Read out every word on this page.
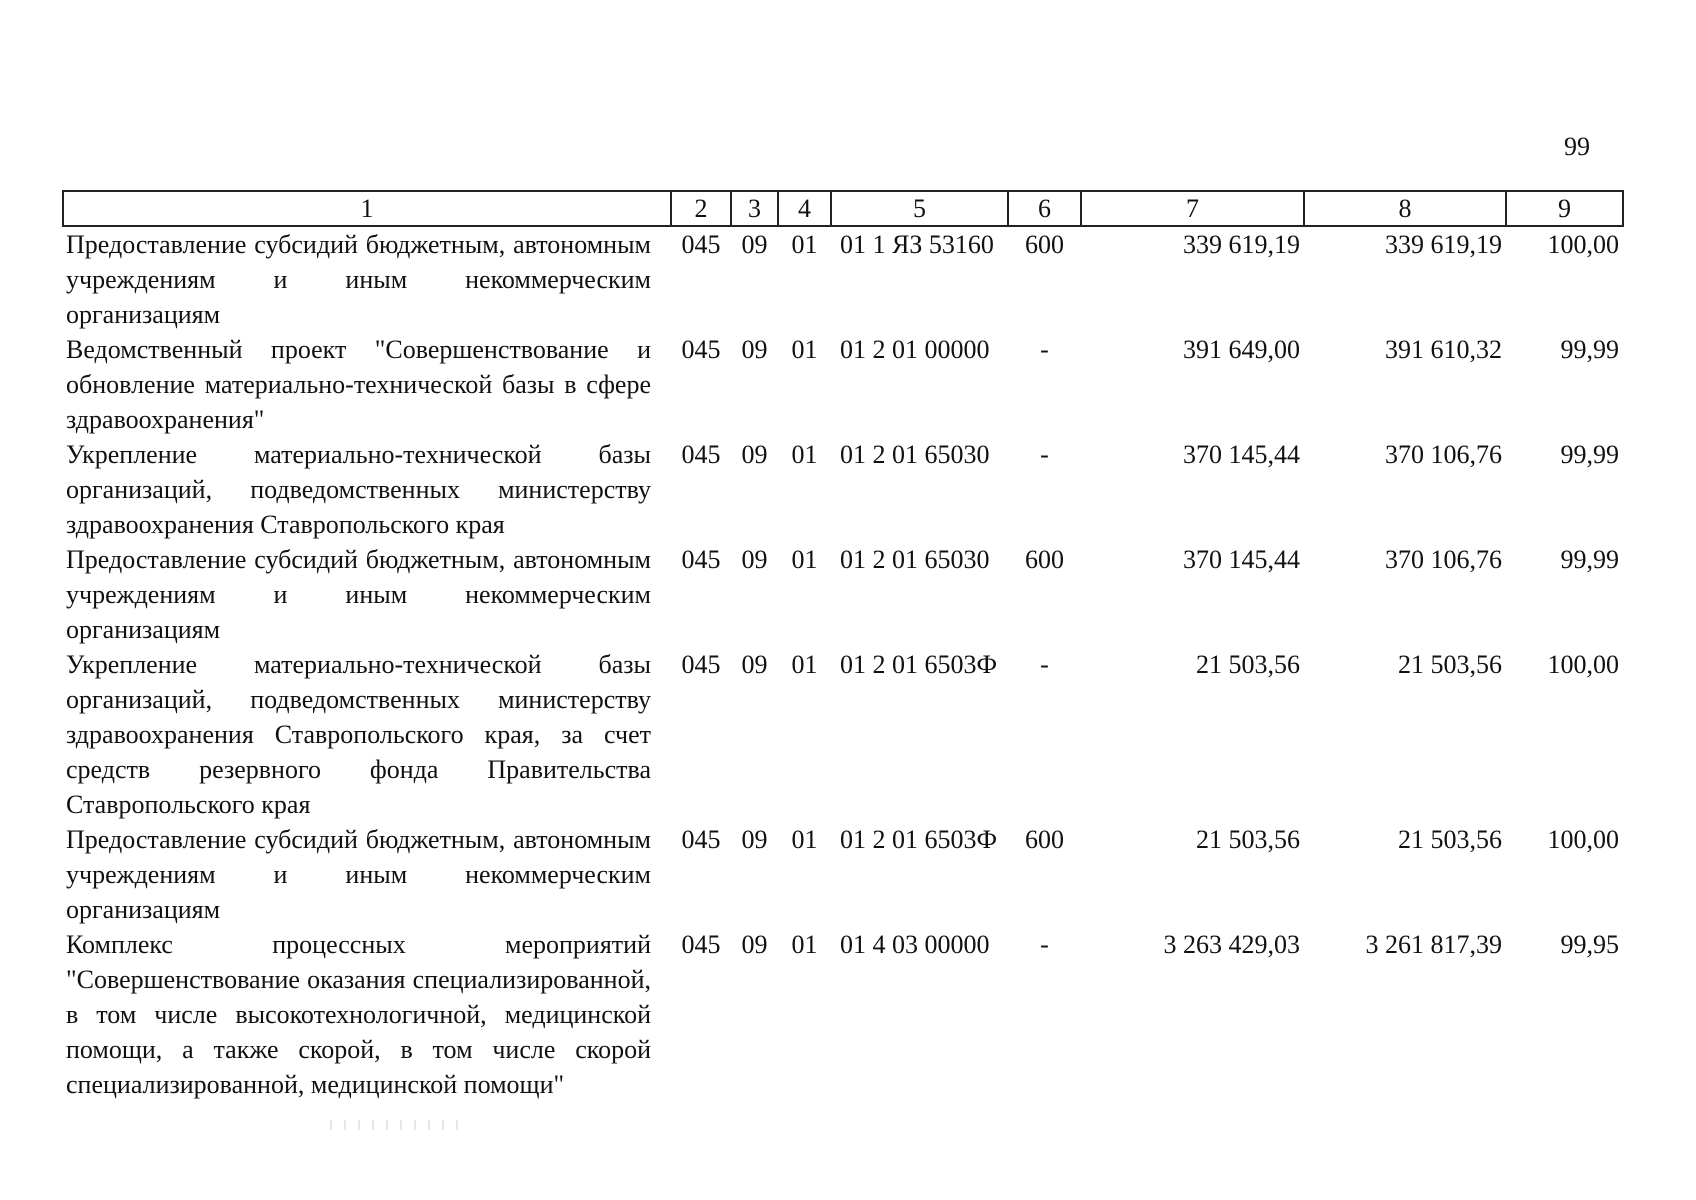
99
1	2	3	4	5	6	7	8	9
Предоставление субсидий бюджетным, автономным учреждениям и иным некоммерческим организациям	045	09	01	01 1 ЯЗ 53160	600	339 619,19	339 619,19	100,00
Ведомственный проект "Совершенствование и обновление материально-технической базы в сфере здравоохранения"	045	09	01	01 2 01 00000	-	391 649,00	391 610,32	99,99
Укрепление материально-технической базы организаций, подведомственных министерству здравоохранения Ставропольского края	045	09	01	01 2 01 65030	-	370 145,44	370 106,76	99,99
Предоставление субсидий бюджетным, автономным учреждениям и иным некоммерческим организациям	045	09	01	01 2 01 65030	600	370 145,44	370 106,76	99,99
Укрепление материально-технической базы организаций, подведомственных министерству здравоохранения Ставропольского края, за счет средств резервного фонда Правительства Ставропольского края	045	09	01	01 2 01 6503Ф	-	21 503,56	21 503,56	100,00
Предоставление субсидий бюджетным, автономным учреждениям и иным некоммерческим организациям	045	09	01	01 2 01 6503Ф	600	21 503,56	21 503,56	100,00
Комплекс процессных мероприятий "Совершенствование оказания специализированной, в том числе высокотехнологичной, медицинской помощи, а также скорой, в том числе скорой специализированной, медицинской помощи"	045	09	01	01 4 03 00000	-	3 263 429,03	3 261 817,39	99,95
